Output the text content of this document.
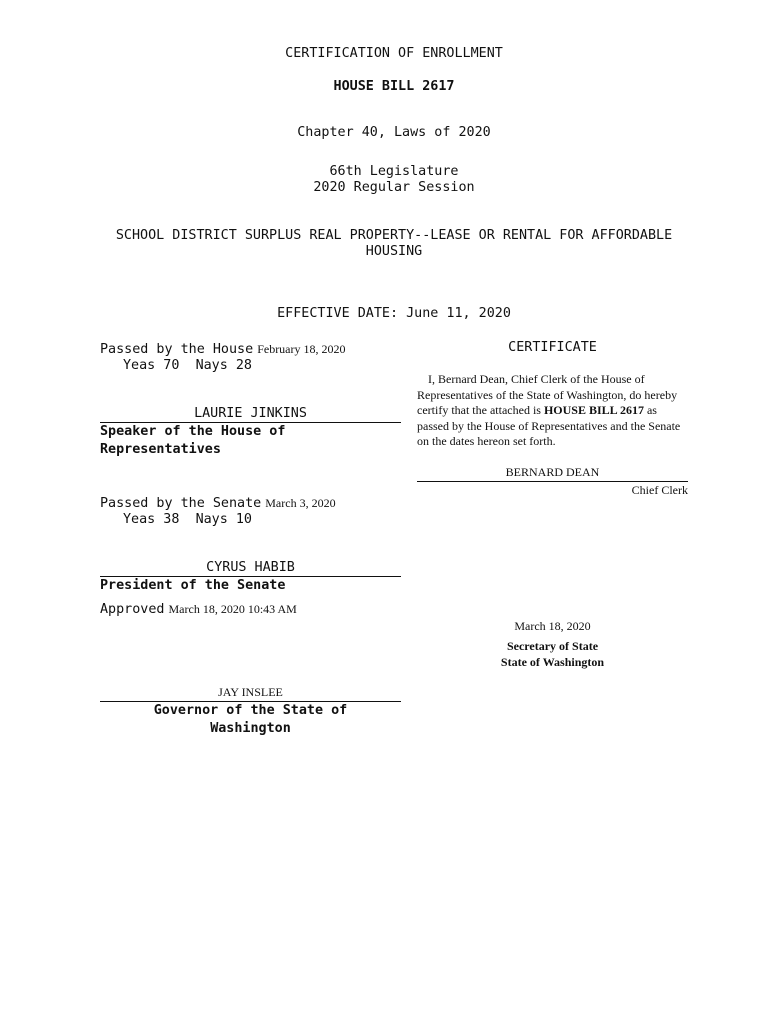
CERTIFICATION OF ENROLLMENT
HOUSE BILL 2617
Chapter 40, Laws of 2020
66th Legislature
2020 Regular Session
SCHOOL DISTRICT SURPLUS REAL PROPERTY--LEASE OR RENTAL FOR AFFORDABLE
HOUSING
EFFECTIVE DATE: June 11, 2020
Passed by the House February 18, 2020
Yeas 70 Nays 28
LAURIE JINKINS
Speaker of the House of
Representatives
Passed by the Senate March 3, 2020
Yeas 38 Nays 10
CYRUS HABIB
President of the Senate
Approved March 18, 2020 10:43 AM
JAY INSLEE
Governor of the State of
Washington
CERTIFICATE
I, Bernard Dean, Chief Clerk of the House of Representatives of the State of Washington, do hereby certify that the attached is HOUSE BILL 2617 as passed by the House of Representatives and the Senate on the dates hereon set forth.
BERNARD DEAN
Chief Clerk
March 18, 2020
Secretary of State
State of Washington
